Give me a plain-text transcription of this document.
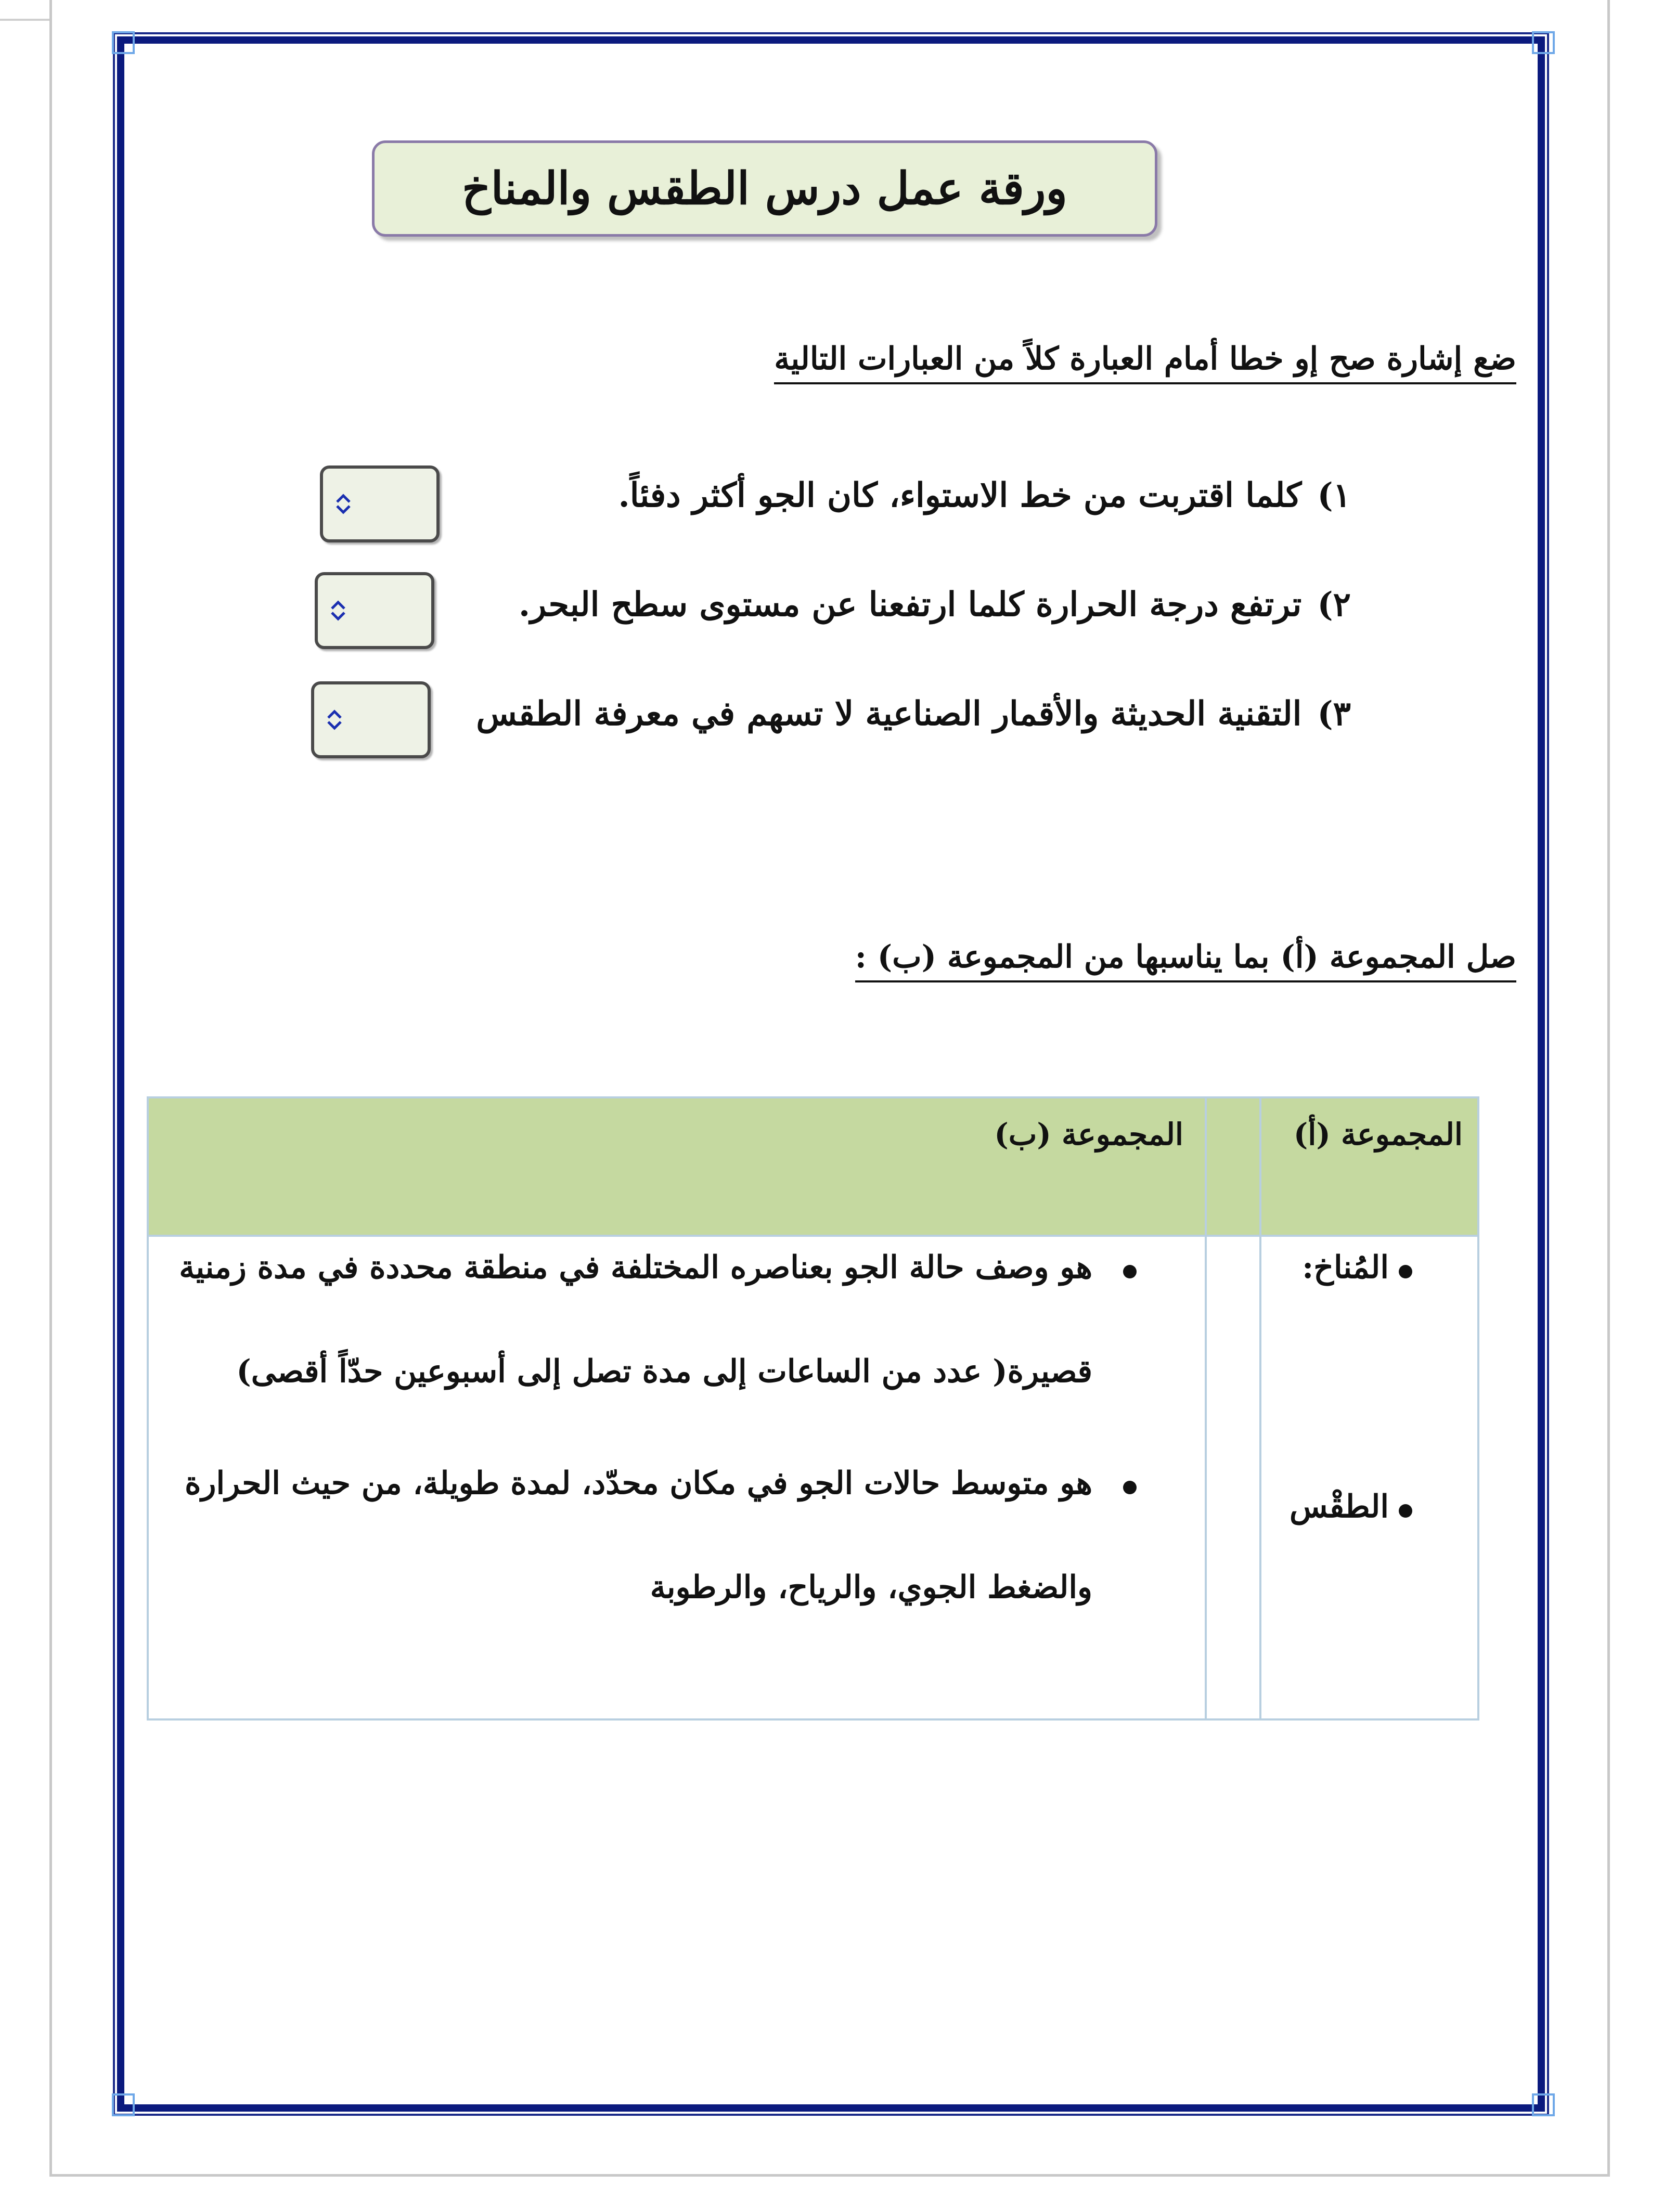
ورقة عمل درس الطقس والمناخ
ضع إشارة صح إو خطا أمام العبارة كلاً من العبارات التالية
١)كلما اقتربت من خط الاستواء، كان الجو أكثر دفئاً.
٢)ترتفع درجة الحرارة كلما ارتفعنا عن مستوى سطح البحر.
٣)التقنية الحديثة والأقمار الصناعية لا تسهم في معرفة الطقس
صل المجموعة (أ) بما يناسبها من المجموعة (ب) :
المجموعة (أ)
المجموعة (ب)
المُناخ:
الطقْس
هو وصف حالة الجو بعناصره المختلفة في منطقة محددة في مدة زمنية
قصيرة( عدد من الساعات إلى مدة تصل إلى أسبوعين حدّاً أقصى)
هو متوسط حالات الجو في مكان محدّد، لمدة طويلة، من حيث الحرارة
والضغط الجوي، والرياح، والرطوبة
